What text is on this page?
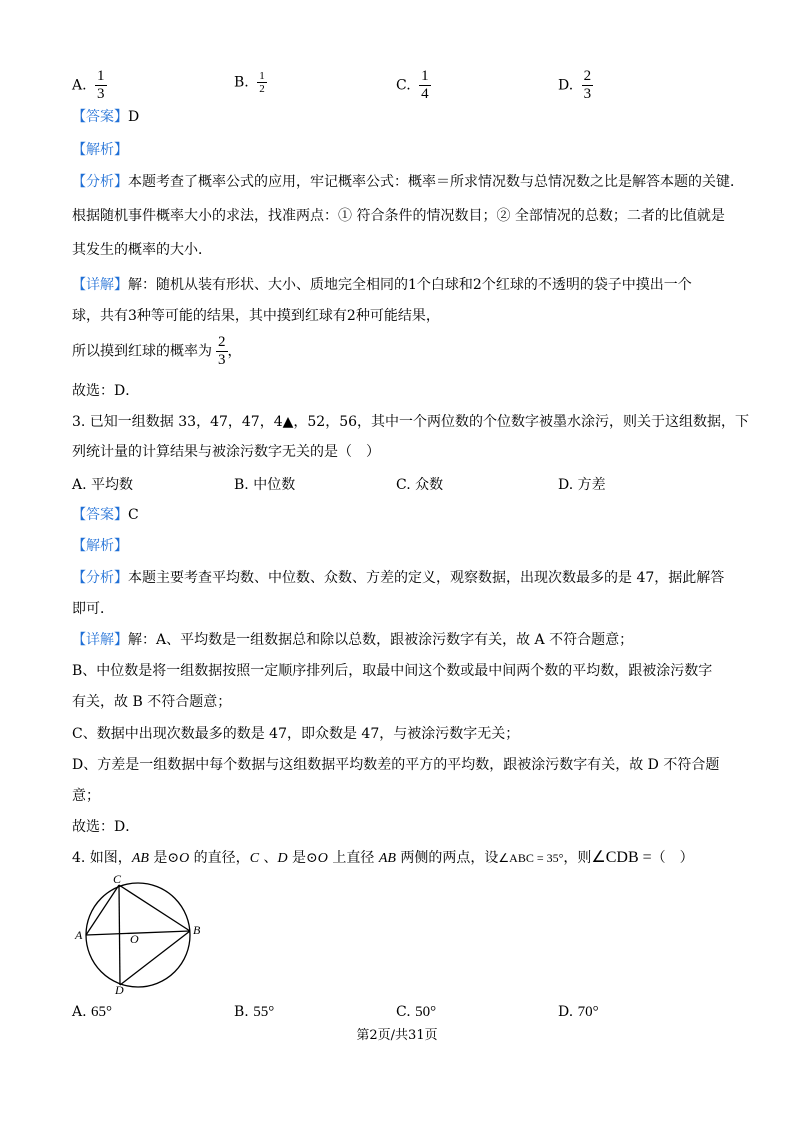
A. $\frac{1}{3}$	B. $\frac{1}{2}$	C. $\frac{1}{4}$	D. $\frac{2}{3}$
【答案】D
【解析】
【分析】本题考查了概率公式的应用，牢记概率公式：概率＝所求情况数与总情况数之比是解答本题的关键．
根据随机事件概率大小的求法，找准两点：① 符合条件的情况数目；② 全部情况的总数；二者的比值就是
其发生的概率的大小．
【详解】解：随机从装有形状、大小、质地完全相同的1个白球和2个红球的不透明的袋子中摸出一个
球，共有3种等可能的结果，其中摸到红球有2种可能结果，
所以摸到红球的概率为 $\frac{2}{3}$ ，
故选：D．
3. 已知一组数据 33，47，47，4▲，52，56，其中一个两位数的个位数字被墨水涂污，则关于这组数据，下
列统计量的计算结果与被涂污数字无关的是（　）
A. 平均数	B. 中位数	C. 众数	D. 方差
【答案】C
【解析】
【分析】本题主要考查平均数、中位数、众数、方差的定义，观察数据，出现次数最多的是 47，据此解答
即可．
【详解】解：A、平均数是一组数据总和除以总数，跟被涂污数字有关，故 A 不符合题意；
B、中位数是将一组数据按照一定顺序排列后，取最中间这个数或最中间两个数的平均数，跟被涂污数字
有关，故 B 不符合题意；
C、数据中出现次数最多的数是 47，即众数是 47，与被涂污数字无关；
D、方差是一组数据中每个数据与这组数据平均数差的平方的平均数，跟被涂污数字有关，故 D 不符合题
意；
故选：D．
4. 如图，AB 是⊙O 的直径，C 、D 是⊙O 上直径 AB 两侧的两点，设∠ABC = 35°，则∠CDB =（　）
C
A	B
O
D
A. 65°	B. 55°	C. 50°	D. 70°
第2页/共31页
